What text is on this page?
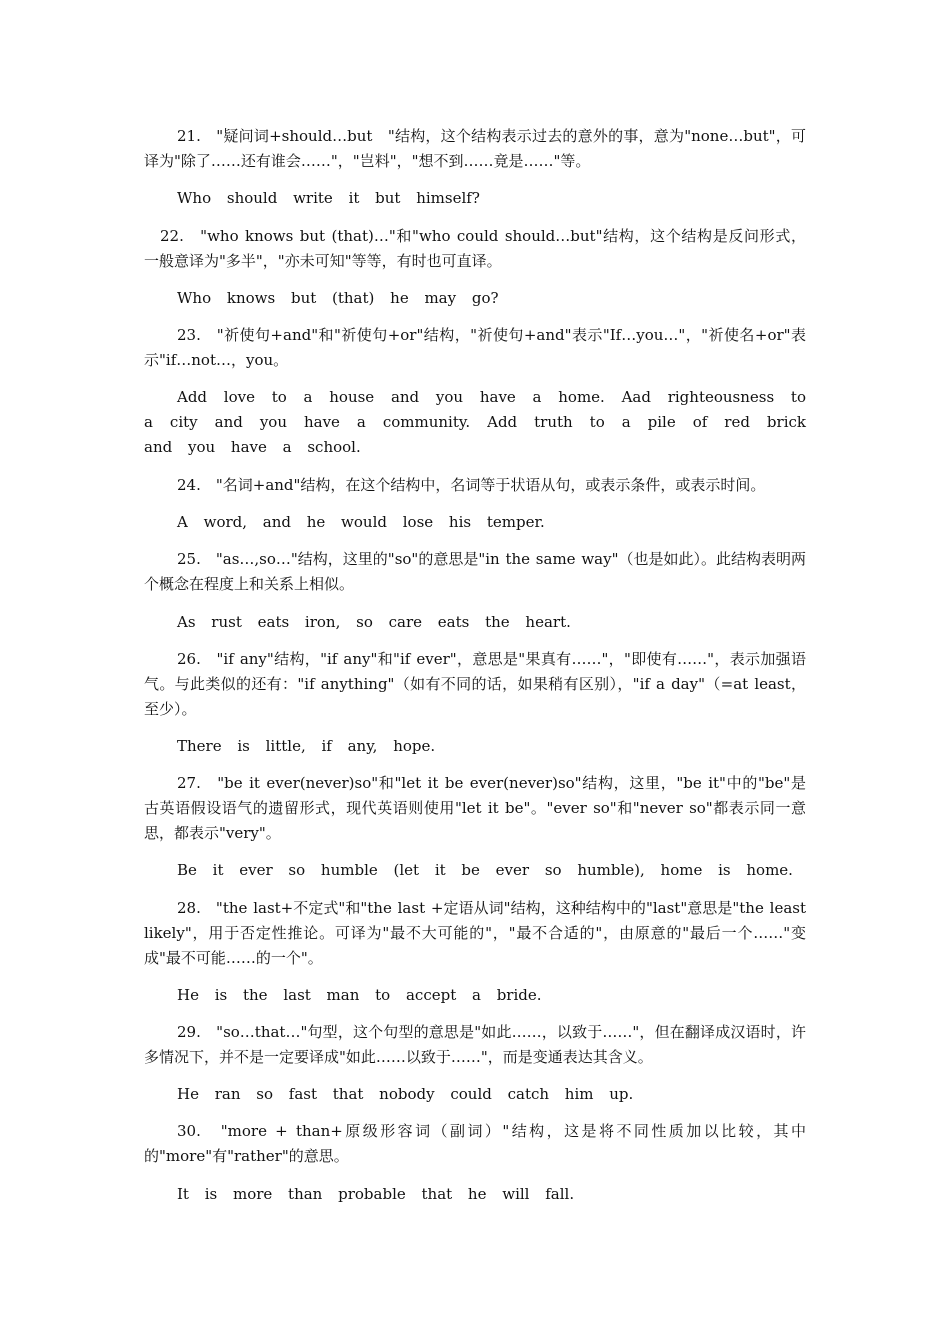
21.　"疑问词+should…but　"结构，这个结构表示过去的意外的事，意为"none…but"，可译为"除了……还有谁会……"，"岂料"，"想不到……竟是……"等。

Who should write it but himself?

22.　"who knows but (that)…"和"who could should…but"结构，这个结构是反问形式，一般意译为"多半"，"亦未可知"等等，有时也可直译。

Who knows but (that) he may go?

23.　"祈使句+and"和"祈使句+or"结构，"祈使句+and"表示"If…you…"，"祈使名+or"表示"if…not…，you。

Add love to a house and you have a home. Aad righteousness to a city and you have a community. Add truth to a pile of red brick and you have a school.

24.　"名词+and"结构，在这个结构中，名词等于状语从句，或表示条件，或表示时间。

A word, and he would lose his temper.

25.　"as…,so…"结构，这里的"so"的意思是"in the same way"（也是如此）。此结构表明两个概念在程度上和关系上相似。

As rust eats iron, so care eats the heart.

26.　"if any"结构，"if any"和"if ever"，意思是"果真有……"，"即使有……"，表示加强语气。与此类似的还有："if anything"（如有不同的话，如果稍有区别），"if a day"（=at least，至少）。

There is little, if any, hope.

27.　"be it ever(never)so"和"let it be ever(never)so"结构，这里，"be it"中的"be"是古英语假设语气的遗留形式，现代英语则使用"let it be"。"ever so"和"never so"都表示同一意思，都表示"very"。

Be it ever so humble (let it be ever so humble), home is home.

28.　"the last+不定式"和"the last +定语从词"结构，这种结构中的"last"意思是"the least likely"，用于否定性推论。可译为"最不大可能的"，"最不合适的"，由原意的"最后一个……"变成"最不可能……的一个"。

He is the last man to accept a bride.

29.　"so…that…"句型，这个句型的意思是"如此……，以致于……"，但在翻译成汉语时，许多情况下，并不是一定要译成"如此……以致于……"，而是变通表达其含义。

He ran so fast that nobody could catch him up.

30.　"more + than+原级形容词（副词）"结构，这是将不同性质加以比较，其中的"more"有"rather"的意思。

It is more than probable that he will fall.
